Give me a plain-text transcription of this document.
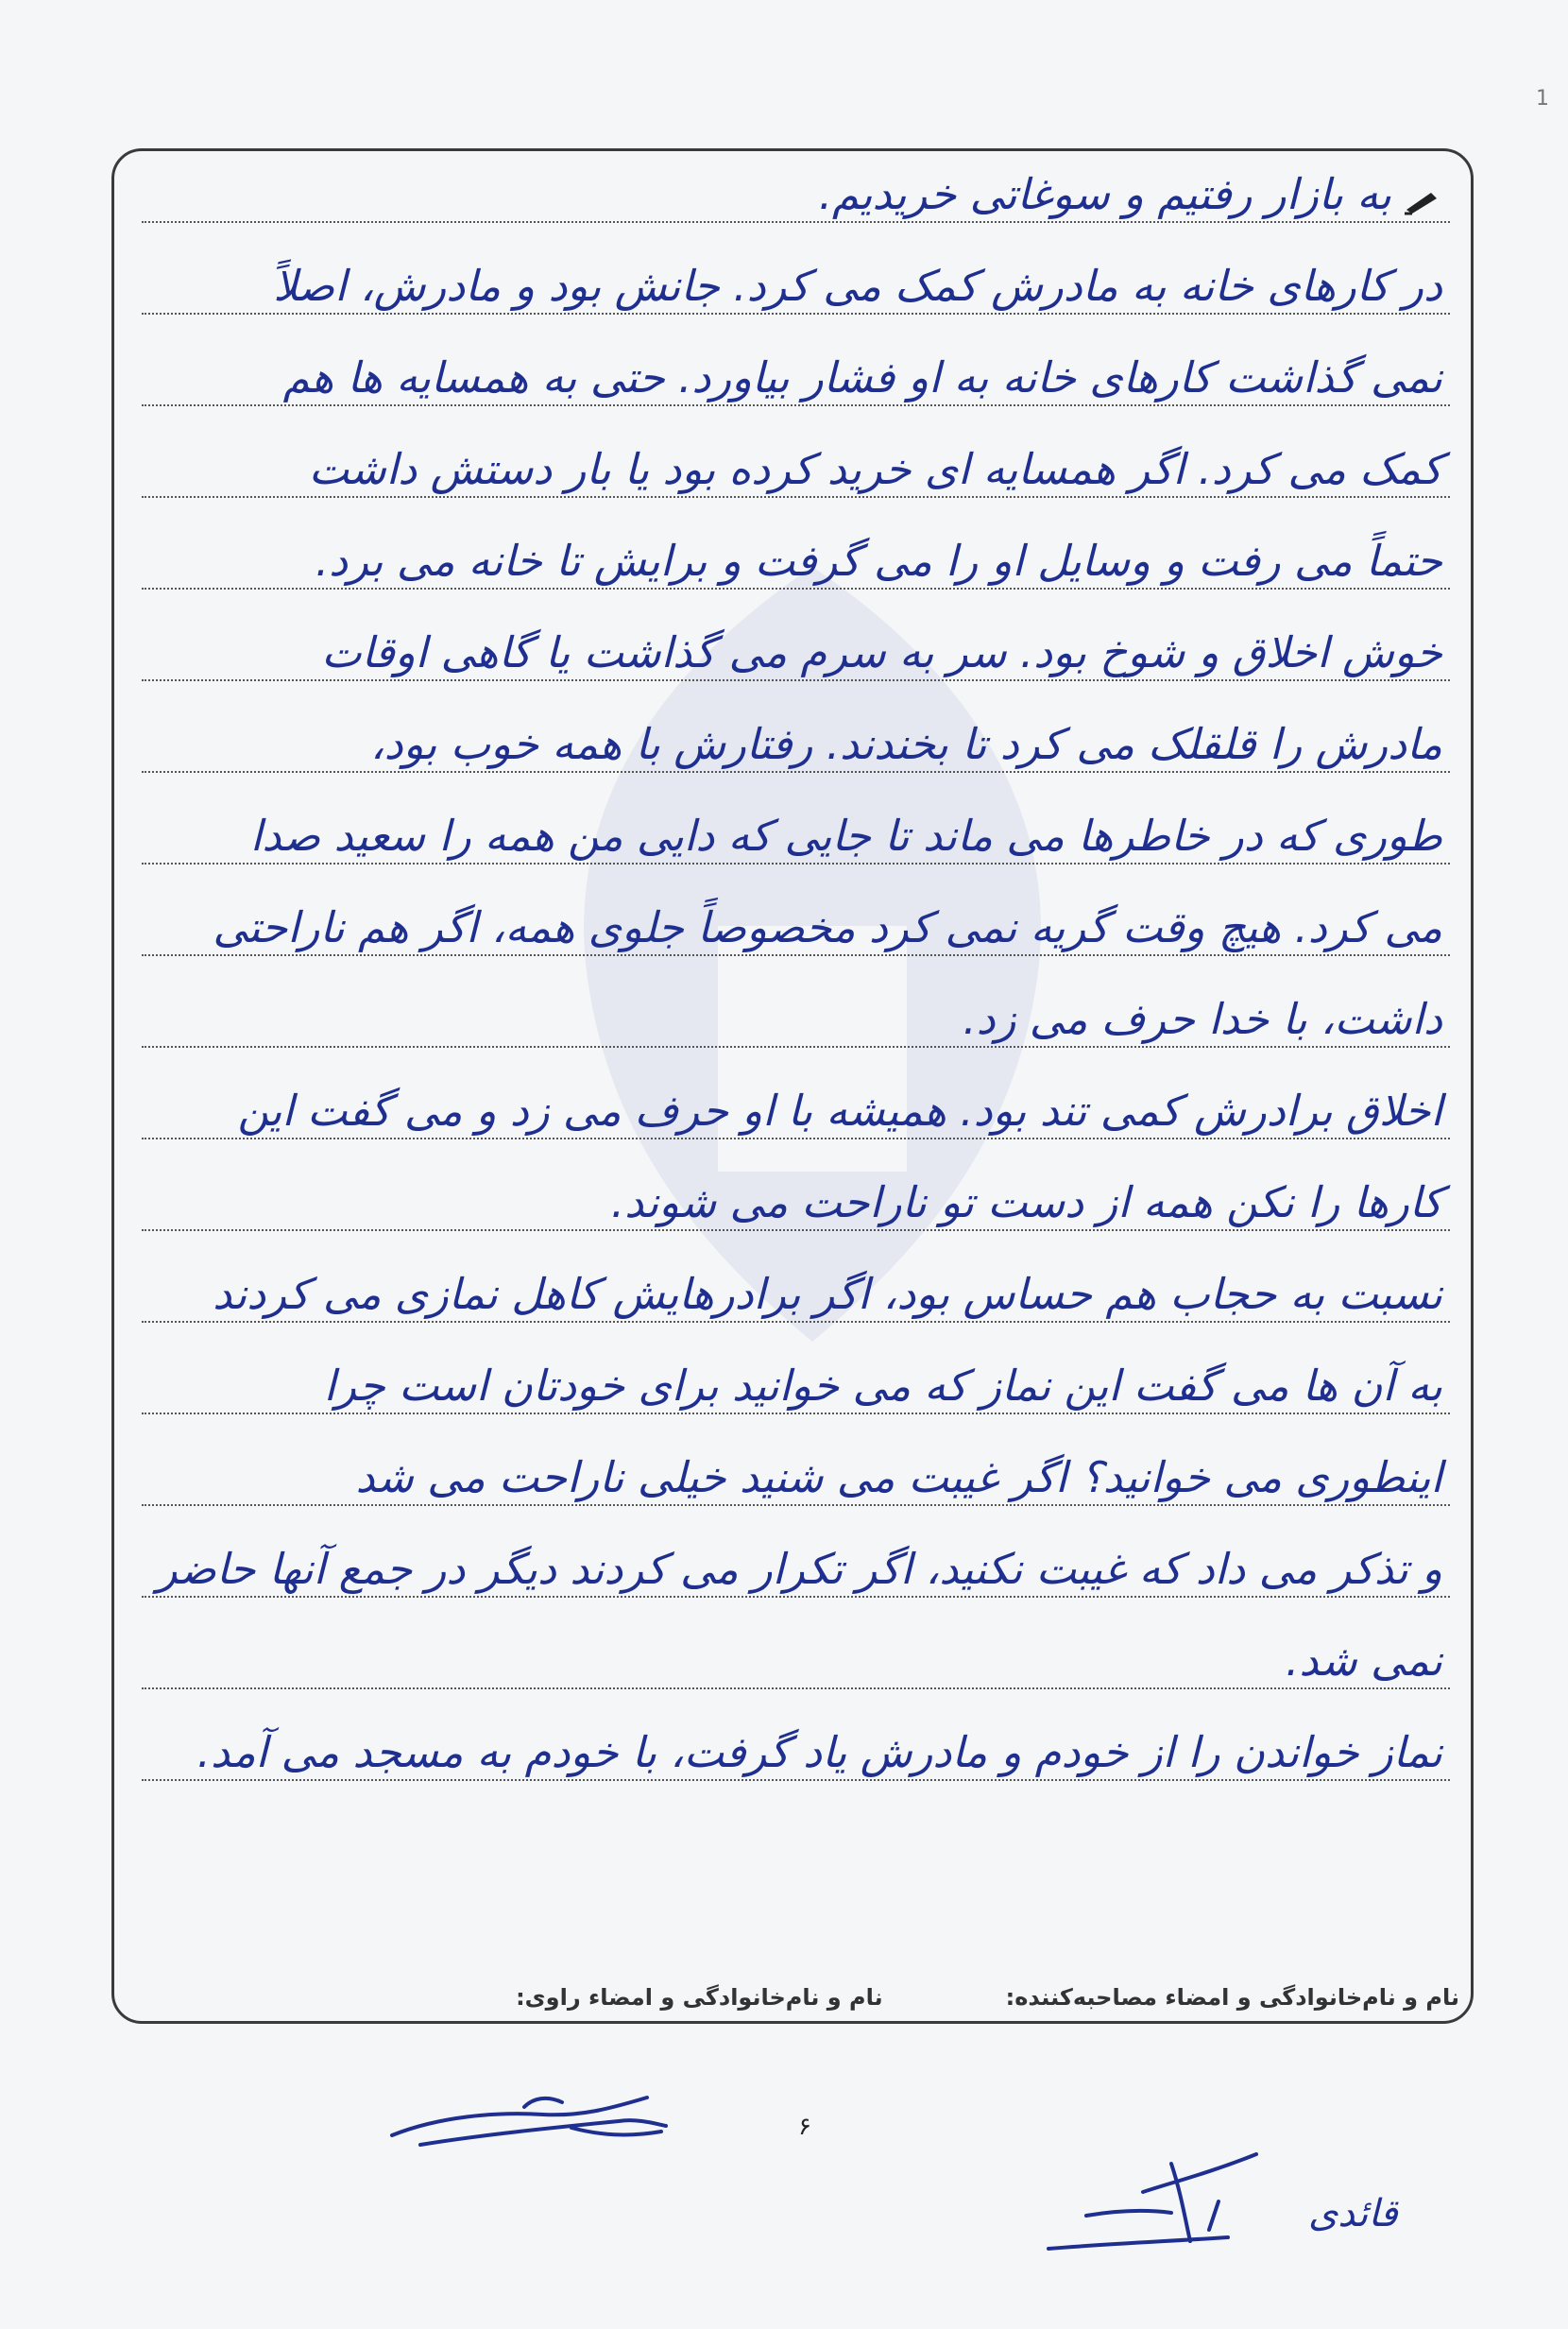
1
به بازار رفتیم و سوغاتی خریدیم.
در کارهای خانه به مادرش کمک می کرد. جانش بود و مادرش، اصلاً
نمی گذاشت کارهای خانه به او فشار بیاورد. حتی به همسایه ها هم
کمک می کرد. اگر همسایه ای خرید کرده بود یا بار دستش داشت
حتماً می رفت و وسایل او را می گرفت و برایش تا خانه می برد.
خوش اخلاق و شوخ بود. سر به سرم می گذاشت یا گاهی اوقات
مادرش را قلقلک می کرد تا بخندند. رفتارش با همه خوب بود،
طوری که در خاطرها می ماند تا جایی که دایی من همه را سعید صدا
می کرد. هیچ وقت گریه نمی کرد مخصوصاً جلوی همه، اگر هم ناراحتی
داشت، با خدا حرف می زد.
اخلاق برادرش کمی تند بود. همیشه با او حرف می زد و می گفت این
کارها را نکن همه از دست تو ناراحت می شوند.
نسبت به حجاب هم حساس بود، اگر برادرهایش کاهل نمازی می کردند
به آن ها می گفت این نماز که می خوانید برای خودتان است چرا
اینطوری می خوانید؟ اگر غیبت می شنید خیلی ناراحت می شد
و تذکر می داد که غیبت نکنید، اگر تکرار می کردند دیگر در جمع آنها حاضر
نمی شد.
نماز خواندن را از خودم و مادرش یاد گرفت، با خودم به مسجد می آمد.
نام و نام‌خانوادگی و امضاء مصاحبه‌کننده:
نام و نام‌خانوادگی و امضاء راوی:
۶
قائدی
